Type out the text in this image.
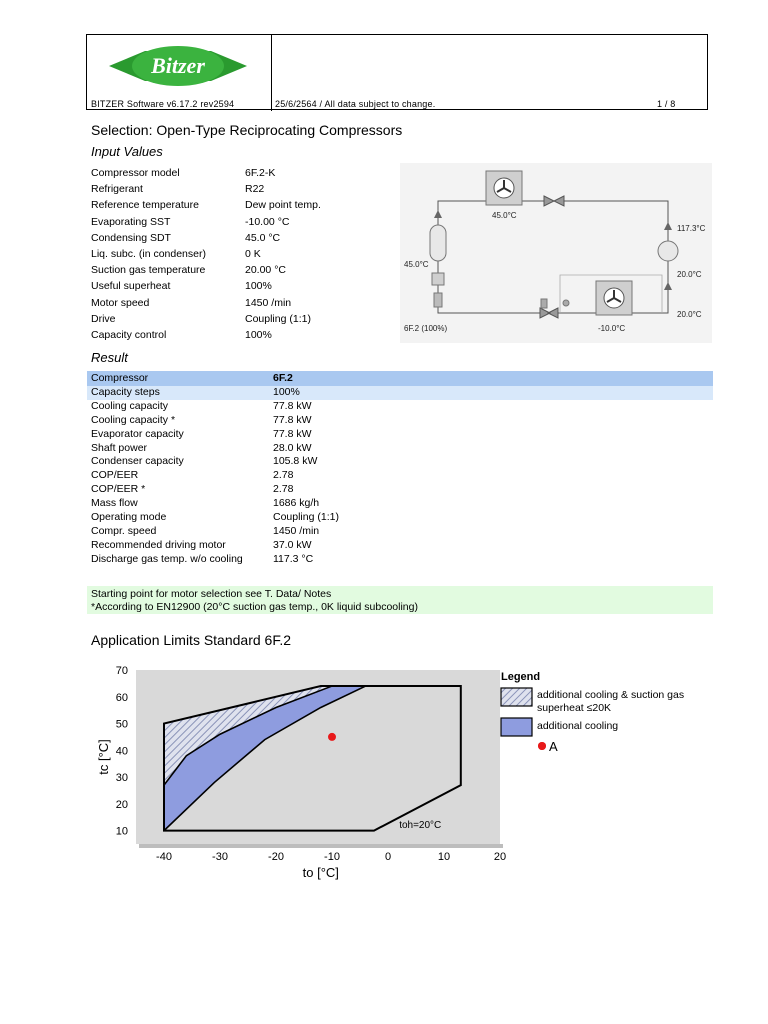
Bitzer
BITZER Software v6.17.2 rev2594	25/6/2564 / All data subject to change.	1 / 8
Selection: Open-Type Reciprocating Compressors
Input Values
Compressor model	6F.2-K
Refrigerant	R22
Reference temperature	Dew point temp.
Evaporating SST	-10.00 °C
Condensing SDT	45.0 °C
Liq. subc. (in condenser)	0 K
Suction gas temperature	20.00 °C
Useful superheat	100%
Motor speed	1450 /min
Drive	Coupling (1:1)
Capacity control	100%
45.0°C
45.0°C
117.3°C
20.0°C
20.0°C
-10.0°C
6F.2 (100%)
Result
Compressor	6F.2
Capacity steps	100%
Cooling capacity	77.8 kW
Cooling capacity *	77.8 kW
Evaporator capacity	77.8 kW
Shaft power	28.0 kW
Condenser capacity	105.8 kW
COP/EER	2.78
COP/EER *	2.78
Mass flow	1686 kg/h
Operating mode	Coupling (1:1)
Compr. speed	1450 /min
Recommended driving motor	37.0 kW
Discharge gas temp. w/o cooling	117.3 °C
Starting point for motor selection see T. Data/ Notes
*According to EN12900 (20°C suction gas temp., 0K liquid subcooling)
Application Limits Standard 6F.2
-40	-30	-20	-10	0	10	20
70
60
50
40
30
20
10
to [°C]
tc [°C]
toh=20°C
Legend
additional cooling & suction gas superheat ≤20K
additional cooling
A
